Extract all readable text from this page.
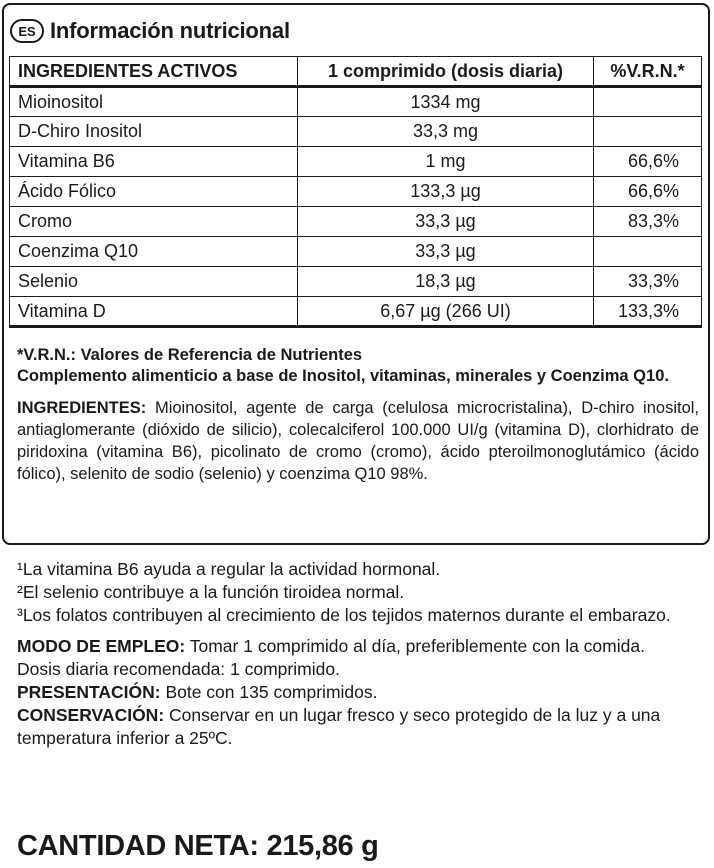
ES Información nutricional
INGREDIENTES ACTIVOS	1 comprimido (dosis diaria)	%V.R.N.*
Mioinositol	1334 mg	
D-Chiro Inositol	33,3 mg	
Vitamina B6	1 mg	66,6%
Ácido Fólico	133,3 µg	66,6%
Cromo	33,3 µg	83,3%
Coenzima Q10	33,3 µg	
Selenio	18,3 µg	33,3%
Vitamina D	6,67 µg (266 UI)	133,3%
*V.R.N.: Valores de Referencia de Nutrientes
Complemento alimenticio a base de Inositol, vitaminas, minerales y Coenzima Q10.
INGREDIENTES: Mioinositol, agente de carga (celulosa microcristalina), D-chiro inositol, antiaglomerante (dióxido de silicio), colecalciferol 100.000 UI/g (vitamina D), clorhidrato de piridoxina (vitamina B6), picolinato de cromo (cromo), ácido pteroilmonoglutámico (ácido fólico), selenito de sodio (selenio) y coenzima Q10 98%.

¹La vitamina B6 ayuda a regular la actividad hormonal.

²El selenio contribuye a la función tiroidea normal.

³Los folatos contribuyen al crecimiento de los tejidos maternos durante el embarazo.

MODO DE EMPLEO: Tomar 1 comprimido al día, preferiblemente con la comida.

Dosis diaria recomendada: 1 comprimido.

PRESENTACIÓN: Bote con 135 comprimidos.

CONSERVACIÓN: Conservar en un lugar fresco y seco protegido de la luz y a una temperatura inferior a 25ºC.

CANTIDAD NETA: 215,86 g
